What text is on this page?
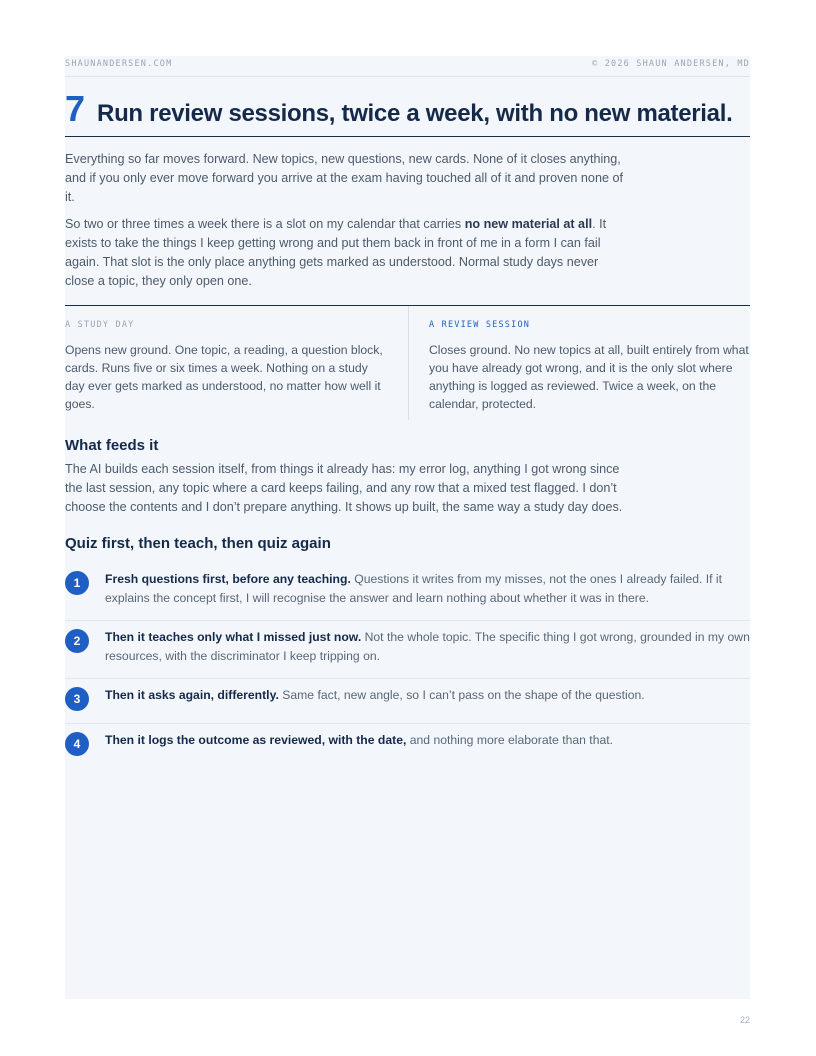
SHAUNANDERSEN.COM	© 2026 SHAUN ANDERSEN, MD
7 Run review sessions, twice a week, with no new material.

Everything so far moves forward. New topics, new questions, new cards. None of it closes anything, and if you only ever move forward you arrive at the exam having touched all of it and proven none of it.

So two or three times a week there is a slot on my calendar that carries no new material at all. It exists to take the things I keep getting wrong and put them back in front of me in a form I can fail again. That slot is the only place anything gets marked as understood. Normal study days never close a topic, they only open one.

A STUDY DAY

Opens new ground. One topic, a reading, a question block, cards. Runs five or six times a week. Nothing on a study day ever gets marked as understood, no matter how well it goes.

A REVIEW SESSION

Closes ground. No new topics at all, built entirely from what you have already got wrong, and it is the only slot where anything is logged as reviewed. Twice a week, on the calendar, protected.

What feeds it

The AI builds each session itself, from things it already has: my error log, anything I got wrong since the last session, any topic where a card keeps failing, and any row that a mixed test flagged. I don’t choose the contents and I don’t prepare anything. It shows up built, the same way a study day does.

Quiz first, then teach, then quiz again
1	Fresh questions first, before any teaching. Questions it writes from my misses, not the ones I already failed. If it explains the concept first, I will recognise the answer and learn nothing about whether it was in there.
2	Then it teaches only what I missed just now. Not the whole topic. The specific thing I got wrong, grounded in my own resources, with the discriminator I keep tripping on.
3	Then it asks again, differently. Same fact, new angle, so I can’t pass on the shape of the question.
4	Then it logs the outcome as reviewed, with the date, and nothing more elaborate than that.
22
